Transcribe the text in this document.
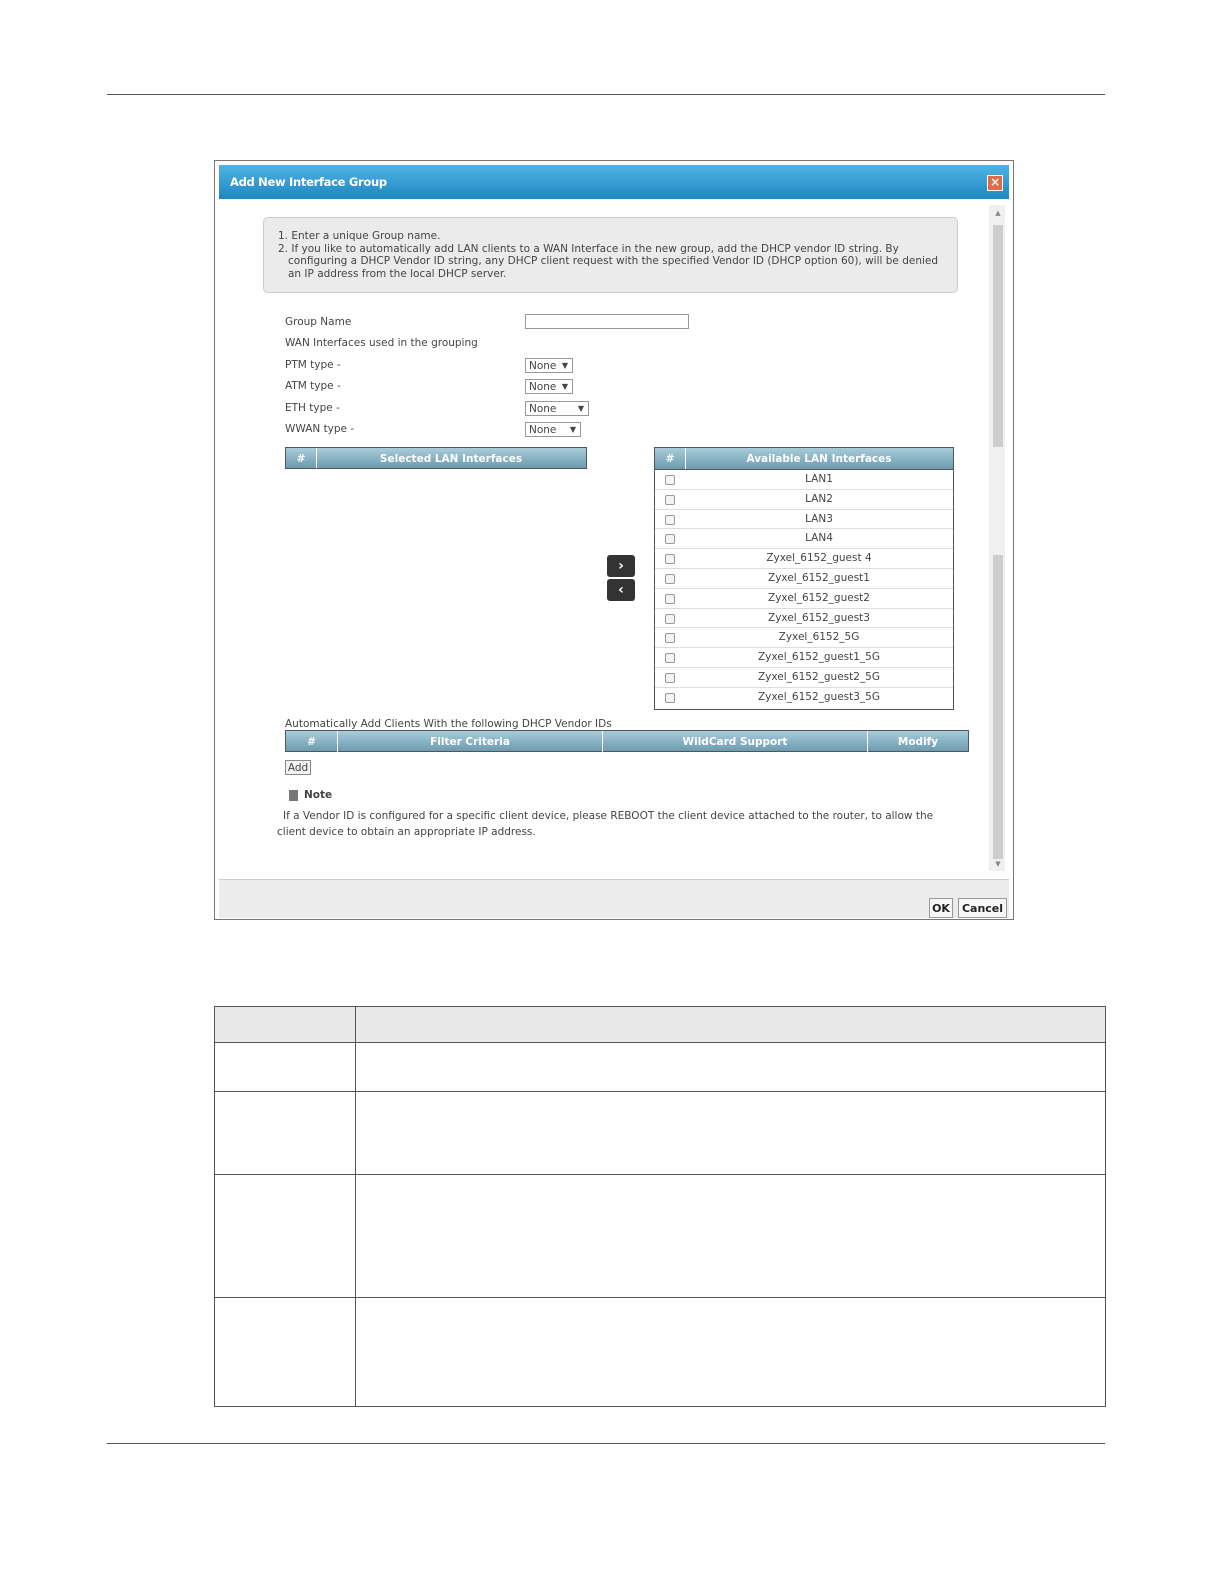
Add New Interface Group	×
1. Enter a unique Group name.
2. If you like to automatically add LAN clients to a WAN Interface in the new group, add the DHCP vendor ID string. By configuring a DHCP Vendor ID string, any DHCP client request with the specified Vendor ID (DHCP option 60), will be denied an IP address from the local DHCP server.
Group Name
WAN Interfaces used in the grouping
PTM type -	None ▼
ATM type -	None ▼
ETH type -	None	▼
WWAN type -	None ▼
#	Selected LAN Interfaces
›
‹
#	Available LAN Interfaces
LAN1
LAN2
LAN3
LAN4
Zyxel_6152_guest 4
Zyxel_6152_guest1
Zyxel_6152_guest2
Zyxel_6152_guest3
Zyxel_6152_5G
Zyxel_6152_guest1_5G
Zyxel_6152_guest2_5G
Zyxel_6152_guest3_5G
Automatically Add Clients With the following DHCP Vendor IDs
#	Filter Criteria	WildCard Support	Modify
Add
Note
If a Vendor ID is configured for a specific client device, please REBOOT the client device attached to the router, to allow the client device to obtain an appropriate IP address.
▲
▼
OK	Cancel
